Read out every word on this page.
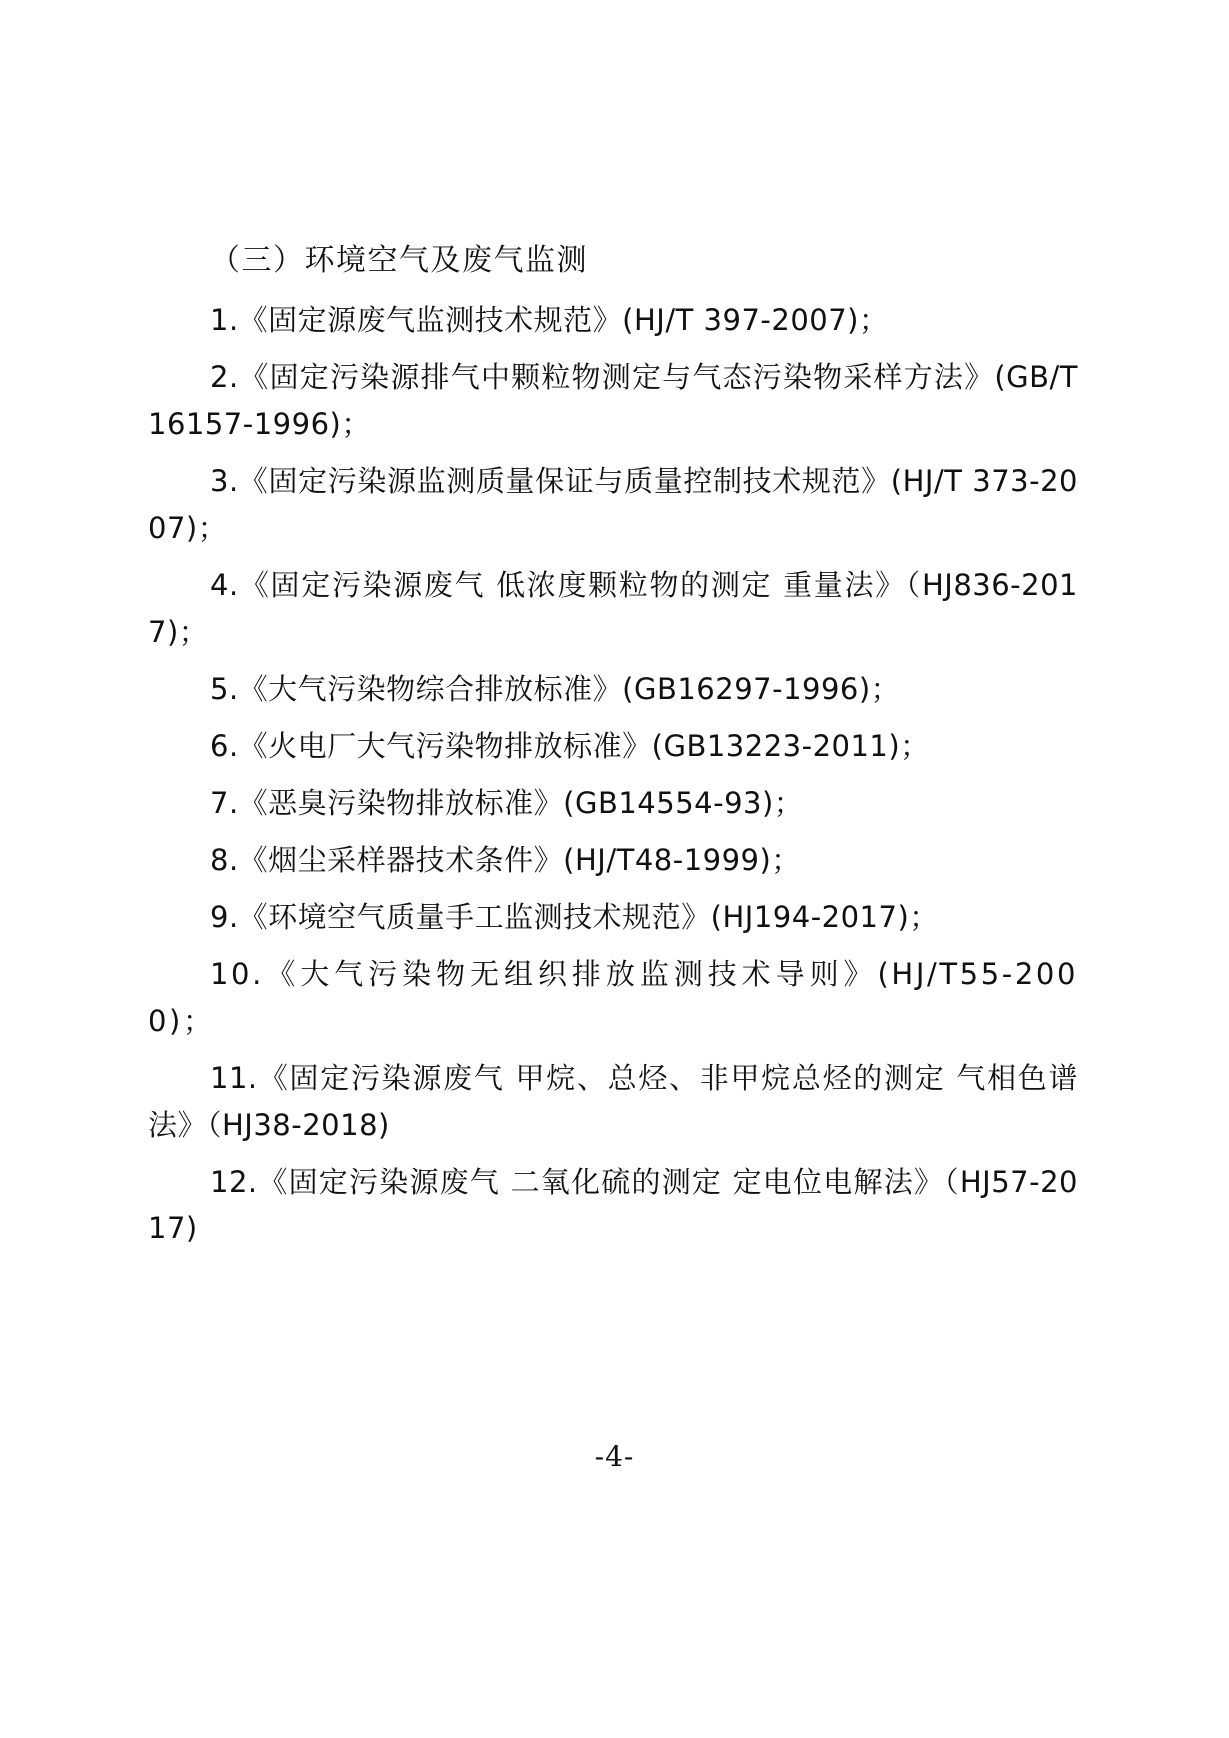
（三）环境空气及废气监测

1.《固定源废气监测技术规范》(HJ/T 397-2007)；

2.《固定污染源排气中颗粒物测定与气态污染物采样方法》(GB/T16157-1996)；

3.《固定污染源监测质量保证与质量控制技术规范》(HJ/T 373-2007)；

4.《固定污染源废气 低浓度颗粒物的测定 重量法》（HJ836-2017)；

5.《大气污染物综合排放标准》(GB16297-1996)；

6.《火电厂大气污染物排放标准》(GB13223-2011)；

7.《恶臭污染物排放标准》(GB14554-93)；

8.《烟尘采样器技术条件》(HJ/T48-1999)；

9.《环境空气质量手工监测技术规范》(HJ194-2017)；

10.《大气污染物无组织排放监测技术导则》(HJ/T55-2000)；

11.《固定污染源废气 甲烷、总烃、非甲烷总烃的测定 气相色谱法》（HJ38-2018)

12.《固定污染源废气 二氧化硫的测定 定电位电解法》（HJ57-2017)

-4-
